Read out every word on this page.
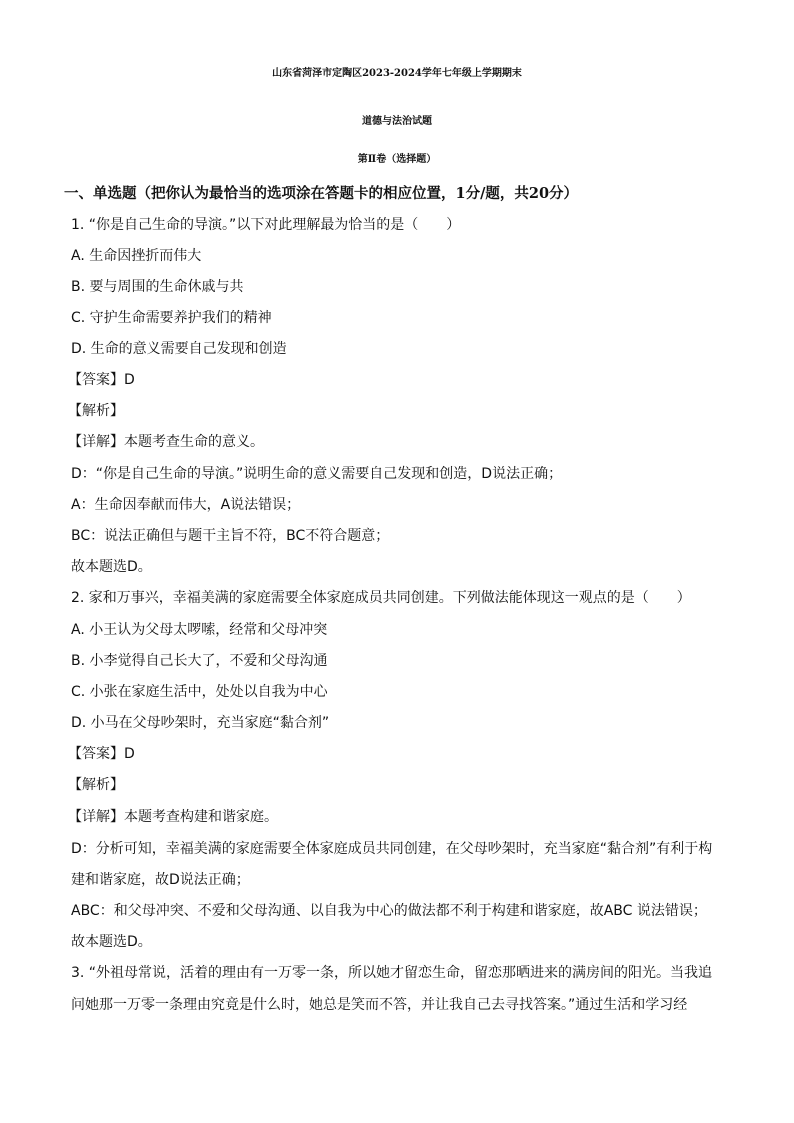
山东省菏泽市定陶区2023-2024学年七年级上学期期末
道德与法治试题
第Ⅱ卷（选择题）
一、单选题（把你认为最恰当的选项涂在答题卡的相应位置，1分/题，共20分）
1. “你是自己生命的导演。”以下对此理解最为恰当的是（　　）
A. 生命因挫折而伟大
B. 要与周围的生命休戚与共
C. 守护生命需要养护我们的精神
D. 生命的意义需要自己发现和创造
【答案】D
【解析】
【详解】本题考查生命的意义。
D：“你是自己生命的导演。”说明生命的意义需要自己发现和创造，D说法正确；
A：生命因奉献而伟大，A说法错误；
BC：说法正确但与题干主旨不符，BC不符合题意；
故本题选D。
2. 家和万事兴，幸福美满的家庭需要全体家庭成员共同创建。下列做法能体现这一观点的是（　　）
A. 小王认为父母太啰嗦，经常和父母冲突
B. 小李觉得自己长大了，不爱和父母沟通
C. 小张在家庭生活中，处处以自我为中心
D. 小马在父母吵架时，充当家庭“黏合剂”
【答案】D
【解析】
【详解】本题考查构建和谐家庭。
D：分析可知，幸福美满的家庭需要全体家庭成员共同创建，在父母吵架时，充当家庭“黏合剂”有利于构
建和谐家庭，故D说法正确；
ABC：和父母冲突、不爱和父母沟通、以自我为中心的做法都不利于构建和谐家庭，故ABC 说法错误；
故本题选D。
3. “外祖母常说，活着的理由有一万零一条，所以她才留恋生命，留恋那晒进来的满房间的阳光。当我追
问她那一万零一条理由究竟是什么时，她总是笑而不答，并让我自己去寻找答案。”通过生活和学习经
